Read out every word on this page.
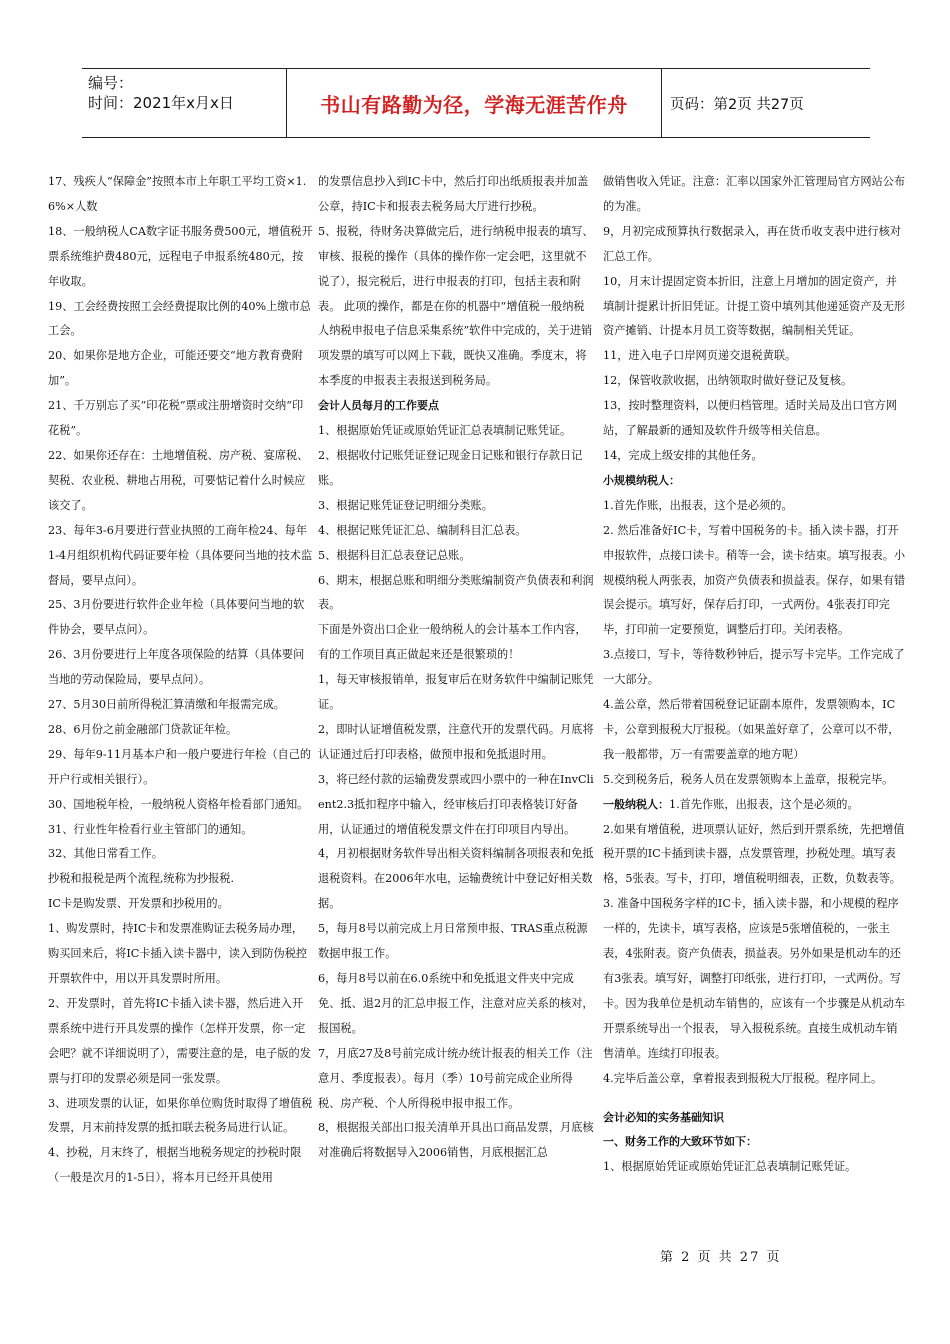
编号：
时间：2021年x月x日	书山有路勤为径，学海无涯苦作舟	页码：第2页 共27页
17、残疾人“保障金”按照本市上年职工平均工资×1.6%×人数
18、一般纳税人CA数字证书服务费500元，增值税开票系统维护费480元，远程电子申报系统480元，按年收取。
19、工会经费按照工会经费提取比例的40%上缴市总工会。
20、如果你是地方企业，可能还要交“地方教育费附加”。
21、千万别忘了买“印花税”票或注册增资时交纳“印花税”。
22、如果你还存在：土地增值税、房产税、宴席税、契税、农业税、耕地占用税，可要惦记着什么时候应该交了。
23、每年3-6月要进行营业执照的工商年检24、每年1-4月组织机构代码证要年检（具体要问当地的技术监督局，要早点问）。
25、3月份要进行软件企业年检（具体要问当地的软件协会，要早点问）。
26、3月份要进行上年度各项保险的结算（具体要问当地的劳动保险局，要早点问）。
27、5月30日前所得税汇算清缴和年报需完成。
28、6月份之前金融部门贷款证年检。
29、每年9-11月基本户和一般户要进行年检（自己的开户行或相关银行）。
30、国地税年检，一般纳税人资格年检看部门通知。
31、行业性年检看行业主管部门的通知。
32、其他日常看工作。
抄税和报税是两个流程,统称为抄报税.
IC卡是购发票、开发票和抄税用的。
1、购发票时，持IC卡和发票准购证去税务局办理，购买回来后，将IC卡插入读卡器中，读入到防伪税控开票软件中，用以开具发票时所用。
2、开发票时，首先将IC卡插入读卡器，然后进入开票系统中进行开具发票的操作（怎样开发票，你一定会吧？就不详细说明了），需要注意的是，电子版的发票与打印的发票必须是同一张发票。
3、进项发票的认证，如果你单位购货时取得了增值税发票，月末前持发票的抵扣联去税务局进行认证。
4、抄税，月末终了，根据当地税务规定的抄税时限（一般是次月的1-5日），将本月已经开具使用
的发票信息抄入到IC卡中，然后打印出纸质报表并加盖公章，持IC卡和报表去税务局大厅进行抄税。
5、报税，待财务决算做完后，进行纳税申报表的填写、审核、报税的操作（具体的操作你一定会吧，这里就不说了），报完税后，进行申报表的打印，包括主表和附表。 此项的操作，都是在你的机器中“增值税一般纳税人纳税申报电子信息采集系统”软件中完成的，关于进销项发票的填写可以网上下载，既快又准确。季度末，将本季度的申报表主表报送到税务局。
会计人员每月的工作要点
1、根据原始凭证或原始凭证汇总表填制记账凭证。
2、根据收付记账凭证登记现金日记账和银行存款日记账。
3、根据记账凭证登记明细分类账。
4、根据记账凭证汇总、编制科目汇总表。
5、根据科目汇总表登记总账。
6、期末，根据总账和明细分类账编制资产负债表和利润表。
下面是外资出口企业一般纳税人的会计基本工作内容，有的工作项目真正做起来还是很繁琐的！
1，每天审核报销单，报复审后在财务软件中编制记账凭证。
2，即时认证增值税发票，注意代开的发票代码。月底将认证通过后打印表格，做预申报和免抵退时用。
3，将已经付款的运输费发票或四小票中的一种在InvClient2.3抵扣程序中输入，经审核后打印表格装订好备用，认证通过的增值税发票文件在打印项目内导出。
4，月初根据财务软件导出相关资料编制各项报表和免抵退税资料。在2006年水电，运输费统计中登记好相关数据。
5，每月8号以前完成上月日常预申报、TRAS重点税源数据申报工作。
6，每月8号以前在6.0系统中和免抵退文件夹中完成免、抵、退2月的汇总申报工作，注意对应关系的核对，报国税。
7，月底27及8号前完成计统办统计报表的相关工作（注意月、季度报表）。每月（季）10号前完成企业所得税、房产税、个人所得税申报申报工作。
8，根据报关部出口报关清单开具出口商品发票，月底核对准确后将数据导入2006销售，月底根据汇总
做销售收入凭证。注意：汇率以国家外汇管理局官方网站公布的为准。
9，月初完成预算执行数据录入，再在货币收支表中进行核对汇总工作。
10，月末计提固定资本折旧，注意上月增加的固定资产，并填制计提累计折旧凭证。计提工资中填列其他递延资产及无形资产摊销、计提本月员工资等数据，编制相关凭证。
11，进入电子口岸网页递交退税黄联。
12，保管收款收据，出纳领取时做好登记及复核。
13，按时整理资料，以便归档管理。适时关局及出口官方网站，了解最新的通知及软件升级等相关信息。
14，完成上级安排的其他任务。
小规模纳税人：
1.首先作账，出报表，这个是必须的。
2. 然后准备好IC卡，写着中国税务的卡。插入读卡器，打开申报软件，点接口读卡。稍等一会，读卡结束。填写报表。小规模纳税人两张表，加资产负债表和损益表。保存，如果有错误会提示。填写好，保存后打印，一式两份。4张表打印完毕，打印前一定要预览，调整后打印。关闭表格。
3.点接口，写卡，等待数秒钟后，提示写卡完毕。工作完成了一大部分。
4.盖公章，然后带着国税登记证副本原件，发票领购本，IC卡，公章到报税大厅报税。（如果盖好章了，公章可以不带，我一般都带，万一有需要盖章的地方呢）
5.交到税务后，税务人员在发票领购本上盖章，报税完毕。
一般纳税人：1.首先作账，出报表，这个是必须的。
2.如果有增值税，进项票认证好，然后到开票系统，先把增值税开票的IC卡插到读卡器，点发票管理，抄税处理。填写表格，5张表。写卡，打印，增值税明细表，正数，负数表等。
3. 准备中国税务字样的IC卡，插入读卡器，和小规模的程序一样的，先读卡，填写表格，应该是5张增值税的，一张主表，4张附表。资产负债表，损益表。另外如果是机动车的还有3张表。填写好，调整打印纸张，进行打印，一式两份。写卡。因为我单位是机动车销售的，应该有一个步骤是从机动车开票系统导出一个报表， 导入报税系统。直接生成机动车销售清单。连续打印报表。
4.完毕后盖公章，拿着报表到报税大厅报税。程序同上。
会计必知的实务基础知识
一、财务工作的大致环节如下：
1、根据原始凭证或原始凭证汇总表填制记账凭证。
第 2 页 共 27 页
